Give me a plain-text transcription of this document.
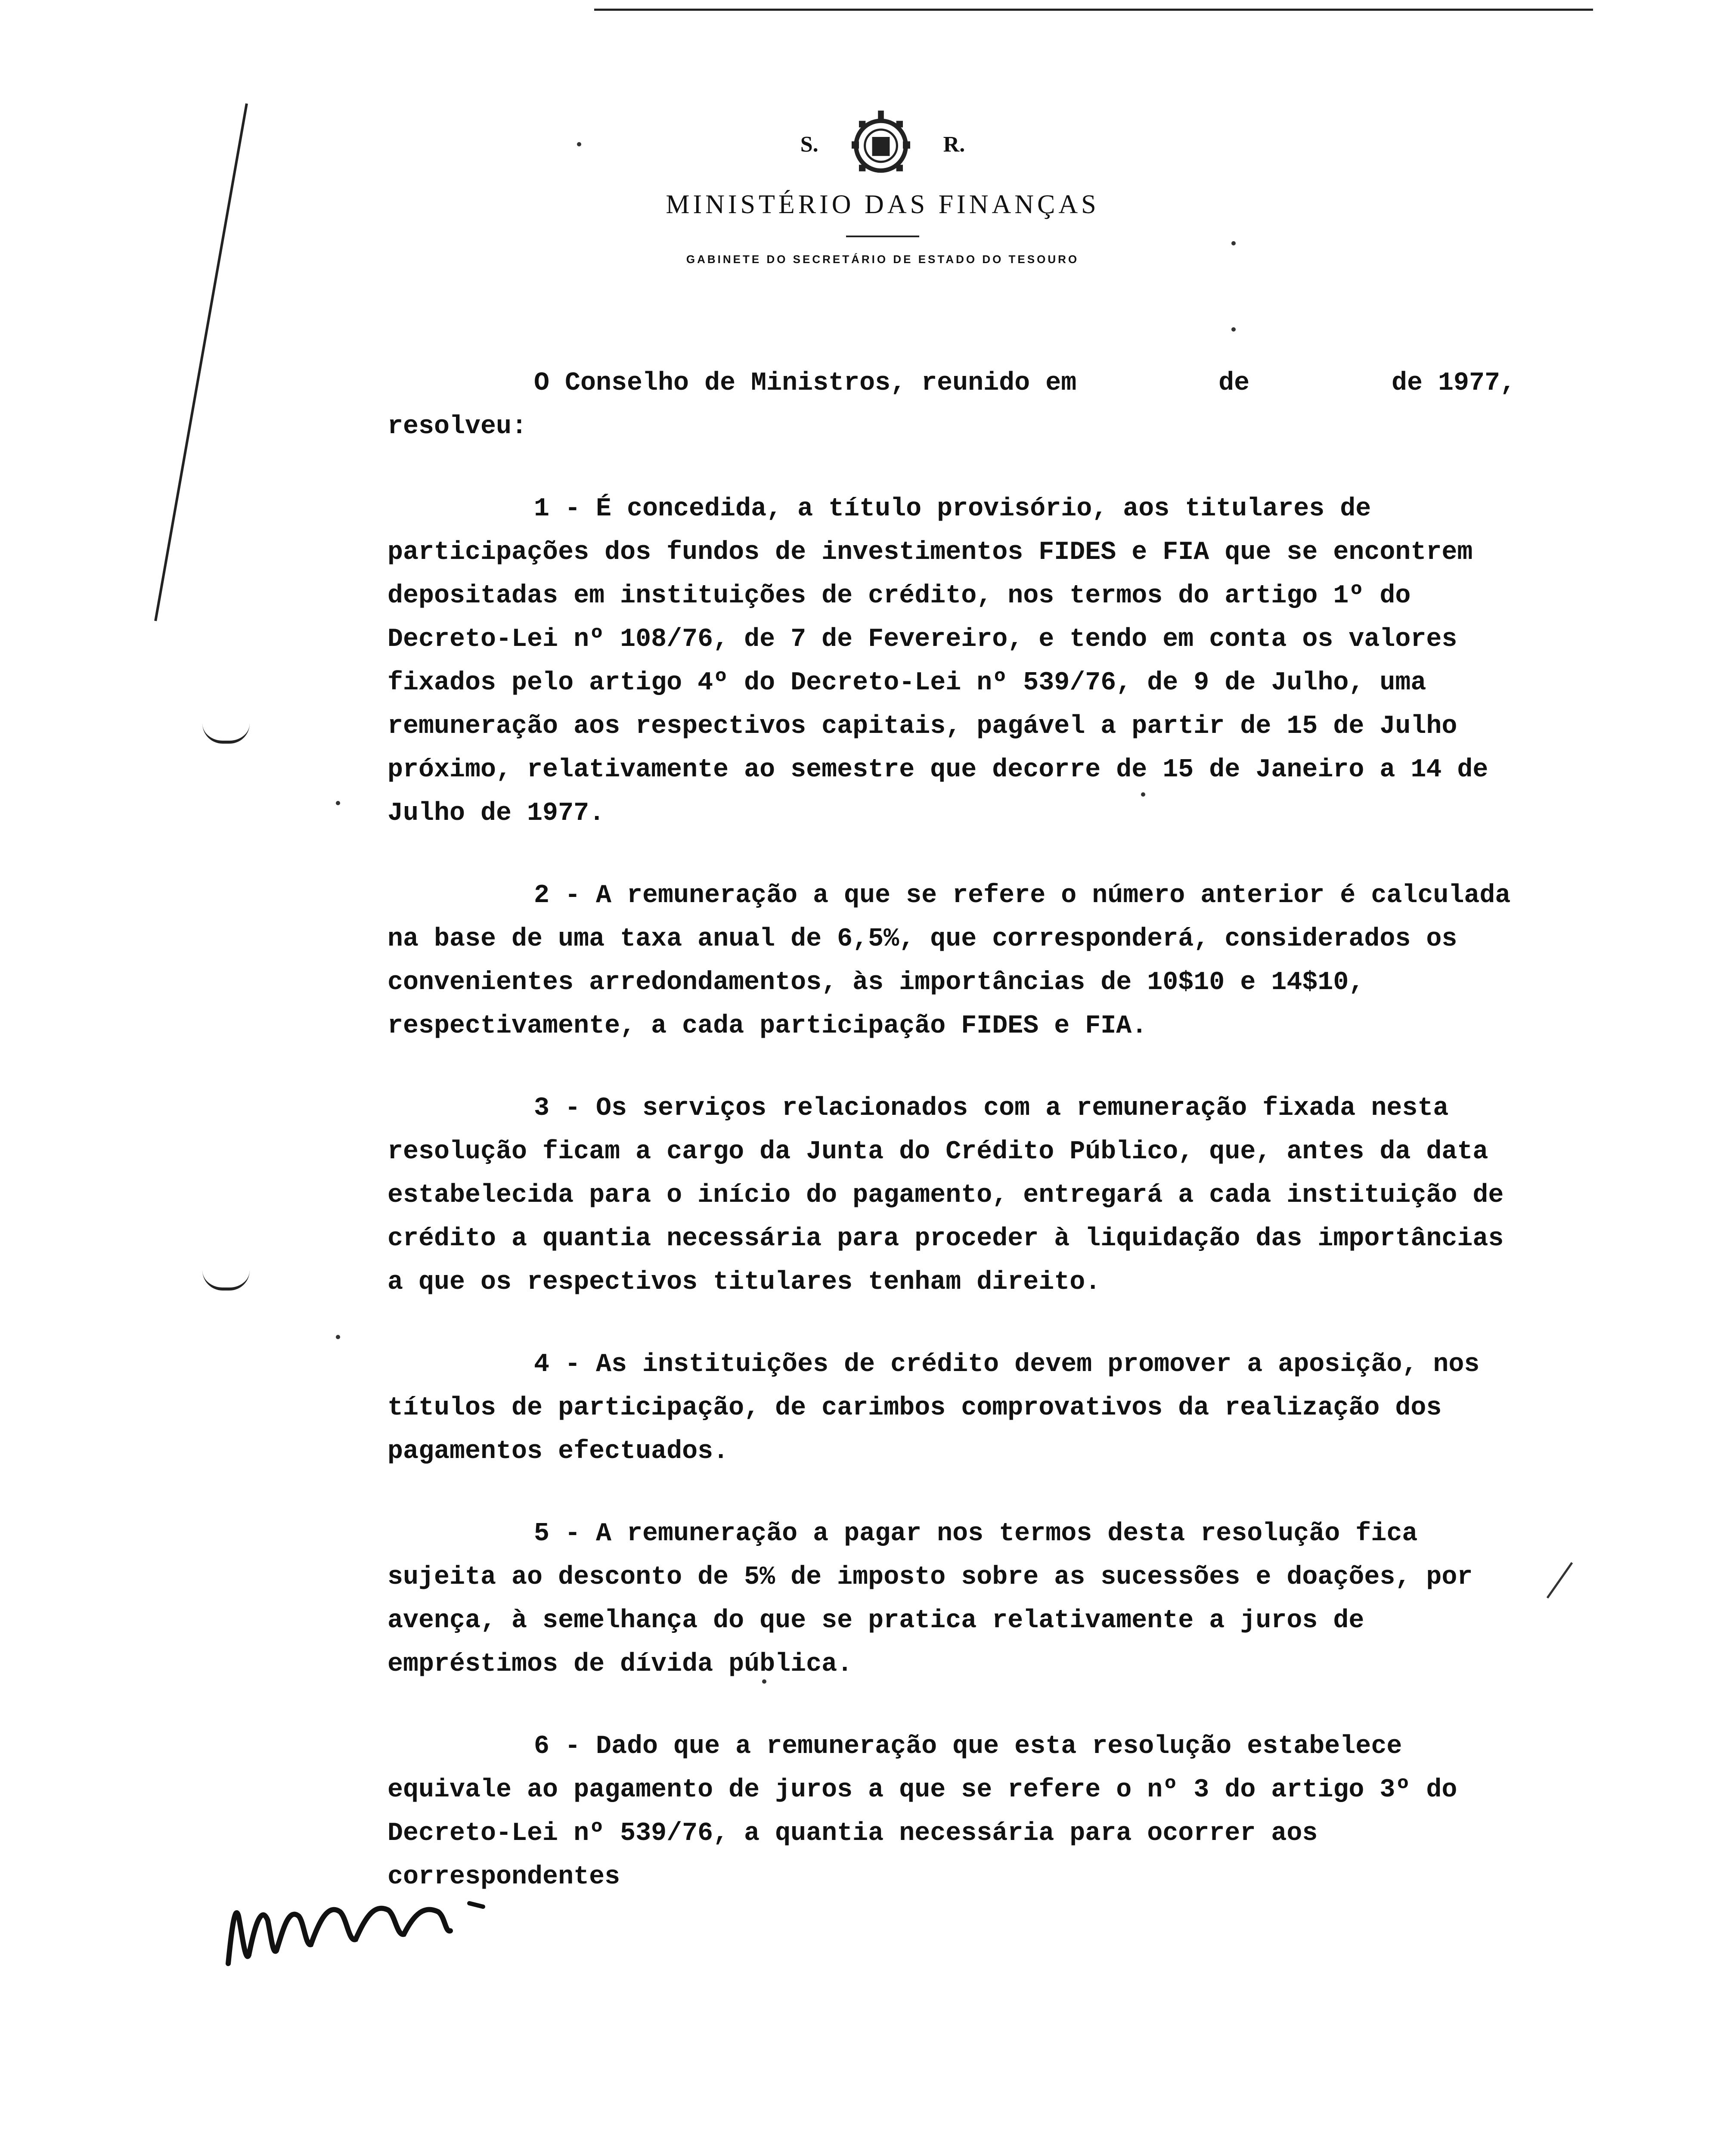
S.	R.
MINISTÉRIO DAS FINANÇAS
GABINETE DO SECRETÁRIO DE ESTADO DO TESOURO
O Conselho de Ministros, reunido em	de	de 1977,
resolveu:

1 - É concedida, a título provisório, aos titulares de participações dos fundos de investimentos FIDES e FIA que se encontrem depositadas em instituições de crédito, nos termos do artigo 1º do Decreto-Lei nº 108/76, de 7 de Fevereiro, e tendo em conta os valores fixados pelo artigo 4º do Decreto-Lei nº 539/76, de 9 de Julho, uma remuneração aos respectivos capitais, pagável a partir de 15 de Julho próximo, relativamente ao semestre que decorre de 15 de Janeiro a 14 de Julho de 1977.

2 - A remuneração a que se refere o número anterior é calculada na base de uma taxa anual de 6,5%, que corresponderá, considerados os convenientes arredondamentos, às importâncias de 10$10 e 14$10, respectivamente, a cada participação FIDES e FIA.

3 - Os serviços relacionados com a remuneração fixada nesta resolução ficam a cargo da Junta do Crédito Público, que, antes da data estabelecida para o início do pagamento, entregará a cada instituição de crédito a quantia necessária para proceder à liquidação das importâncias a que os respectivos titulares tenham direito.

4 - As instituições de crédito devem promover a aposição, nos títulos de participação, de carimbos comprovativos da realização dos pagamentos efectuados.

5 - A remuneração a pagar nos termos desta resolução fica sujeita ao desconto de 5% de imposto sobre as sucessões e doações, por avença, à semelhança do que se pratica relativamente a juros de empréstimos de dívida pública.

6 - Dado que a remuneração que esta resolução estabelece equivale ao pagamento de juros a que se refere o nº 3 do artigo 3º do Decreto-Lei nº 539/76, a quantia necessária para ocorrer aos correspondentes
